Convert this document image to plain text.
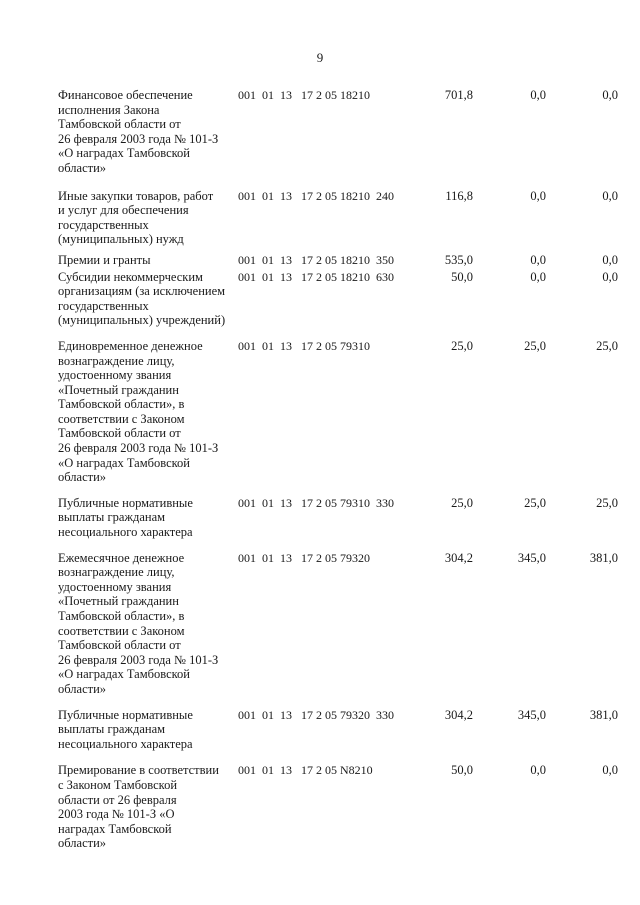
9
Финансовое обеспечение
исполнения Закона
Тамбовской области от
26 февраля 2003 года № 101-З
«О наградах Тамбовской
области»
001  01  13   17 2 05 18210	701,8	0,0	0,0
Иные закупки товаров, работ
и услуг для обеспечения
государственных
(муниципальных) нужд
001  01  13   17 2 05 18210  240	116,8	0,0	0,0
Премии и гранты	001  01  13   17 2 05 18210  350	535,0	0,0	0,0
Субсидии некоммерческим
организациям (за исключением
государственных
(муниципальных) учреждений)
001  01  13   17 2 05 18210  630	50,0	0,0	0,0
Единовременное денежное
вознаграждение лицу,
удостоенному звания
«Почетный гражданин
Тамбовской области», в
соответствии с Законом
Тамбовской области от
26 февраля 2003 года № 101-З
«О наградах Тамбовской
области»
001  01  13   17 2 05 79310	25,0	25,0	25,0
Публичные нормативные
выплаты гражданам
несоциального характера
001  01  13   17 2 05 79310  330	25,0	25,0	25,0
Ежемесячное денежное
вознаграждение лицу,
удостоенному звания
«Почетный гражданин
Тамбовской области», в
соответствии с Законом
Тамбовской области от
26 февраля 2003 года № 101-З
«О наградах Тамбовской
области»
001  01  13   17 2 05 79320	304,2	345,0	381,0
Публичные нормативные
выплаты гражданам
несоциального характера
001  01  13   17 2 05 79320  330	304,2	345,0	381,0
Премирование в соответствии
с Законом Тамбовской
области от 26 февраля
2003 года № 101-З «О
наградах Тамбовской
области»
001  01  13   17 2 05 N8210	50,0	0,0	0,0
